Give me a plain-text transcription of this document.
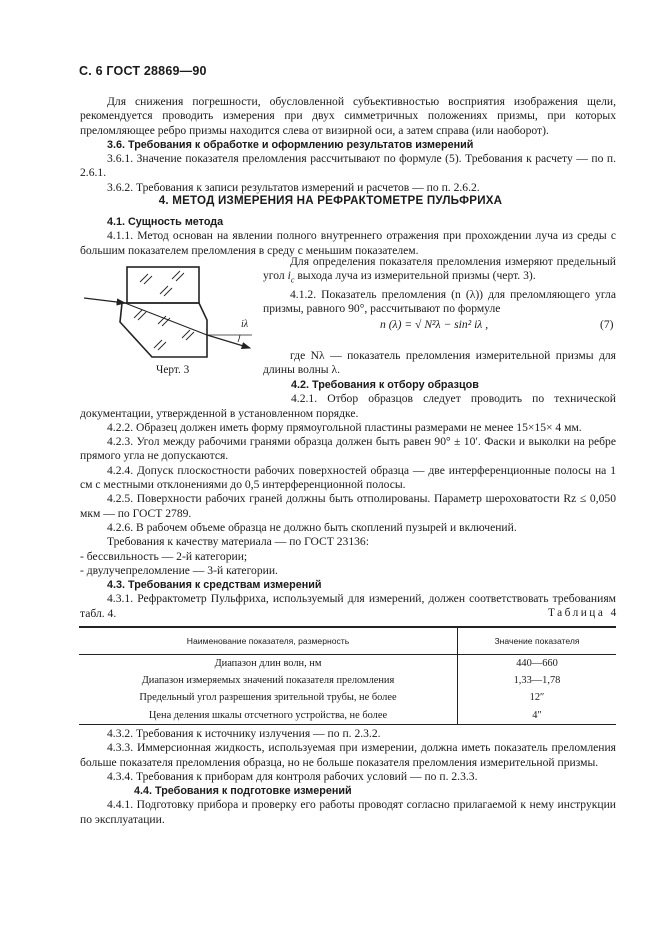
С. 6 ГОСТ 28869—90

Для снижения погрешности, обусловленной субъективностью восприятия изображения щели, рекомендуется проводить измерения при двух симметричных положениях призмы, при которых преломляющее ребро призмы находится слева от визирной оси, а затем справа (или наоборот).

3.6. Требования к обработке и оформлению результатов измерений

3.6.1. Значение показателя преломления рассчитывают по формуле (5). Требования к расчету — по п. 2.6.1.

3.6.2. Требования к записи результатов измерений и расчетов — по п. 2.6.2.

4. МЕТОД ИЗМЕРЕНИЯ НА РЕФРАКТОМЕТРЕ ПУЛЬФРИХА

4.1. Сущность метода

4.1.1. Метод основан на явлении полного внутреннего отражения при прохождении луча из среды с большим показателем преломления в среду с меньшим показателем.

iλ
Черт. 3

Для определения показателя преломления измеряют предельный угол $i_c$ выхода луча из измерительной призмы (черт. 3).

4.1.2. Показатель преломления (n (λ)) для преломляющего угла призмы, равного 90°, рассчитывают по формуле

n (λ) = √ N²λ − sin² iλ ,	(7)

где Nλ — показатель преломления измерительной призмы для длины волны λ.

4.2. Требования к отбору образцов

4.2.1. Отбор образцов следует проводить по технической документации, утвержденной в установленном порядке.

4.2.2. Образец должен иметь форму прямоугольной пластины размерами не менее 15×15× 4 мм.

4.2.3. Угол между рабочими гранями образца должен быть равен 90° ± 10′. Фаски и выколки на ребре прямого угла не допускаются.

4.2.4. Допуск плоскостности рабочих поверхностей образца — две интерференционные полосы на 1 см с местными отклонениями до 0,5 интерференционной полосы.

4.2.5. Поверхности рабочих граней должны быть отполированы. Параметр шероховатости Rz ≤ 0,050 мкм — по ГОСТ 2789.

4.2.6. В рабочем объеме образца не должно быть скоплений пузырей и включений.

Требования к качеству материала — по ГОСТ 23136:

- бессвильность — 2-й категории;

- двулучепреломление — 3-й категории.

4.3. Требования к средствам измерений

4.3.1. Рефрактометр Пульфриха, используемый для измерений, должен соответствовать требованиям табл. 4.	Таблица 4
Наименование показателя, размерность	Значение показателя
Диапазон длин волн, нм	440—660
Диапазон измеряемых значений показателя преломления	1,33—1,78
Предельный угол разрешения зрительной трубы, не более	12″
Цена деления шкалы отсчетного устройства, не более	4″

4.3.2. Требования к источнику излучения — по п. 2.3.2.

4.3.3. Иммерсионная жидкость, используемая при измерении, должна иметь показатель преломления больше показателя преломления образца, но не больше показателя преломления измерительной призмы.

4.3.4. Требования к приборам для контроля рабочих условий — по п. 2.3.3.

4.4. Требования к подготовке измерений

4.4.1. Подготовку прибора и проверку его работы проводят согласно прилагаемой к нему инструкции по эксплуатации.
